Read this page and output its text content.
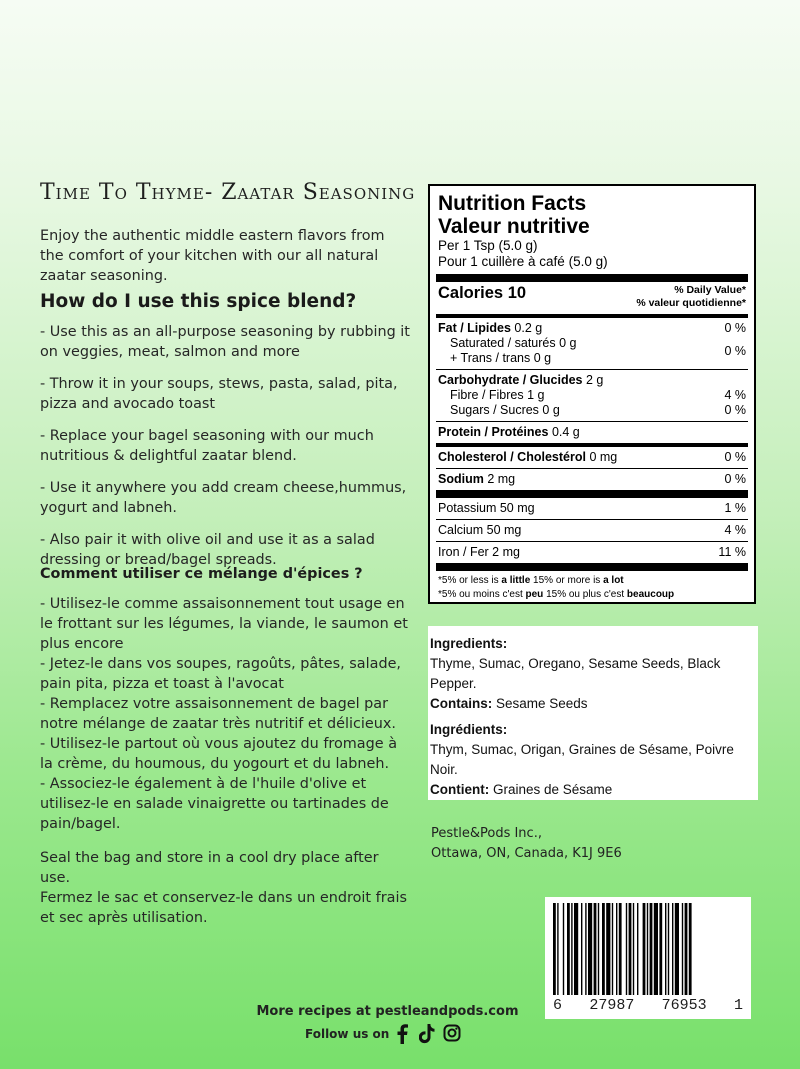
Time To Thyme- Zaatar Seasoning
Enjoy the authentic middle eastern flavors from the comfort of your kitchen with our all natural zaatar seasoning.
How do I use this spice blend?
- Use this as an all-purpose seasoning by rubbing it on veggies, meat, salmon and more
- Throw it in your soups, stews, pasta, salad, pita, pizza and avocado toast
- Replace your bagel seasoning with our much nutritious & delightful zaatar blend.
- Use it anywhere you add cream cheese,hummus, yogurt and labneh.
- Also pair it with olive oil and use it as a salad dressing or bread/bagel spreads.
Comment utiliser ce mélange d'épices ?
- Utilisez-le comme assaisonnement tout usage en le frottant sur les légumes, la viande, le saumon et plus encore
- Jetez-le dans vos soupes, ragoûts, pâtes, salade, pain pita, pizza et toast à l'avocat
- Remplacez votre assaisonnement de bagel par notre mélange de zaatar très nutritif et délicieux.
- Utilisez-le partout où vous ajoutez du fromage à la crème, du houmous, du yogourt et du labneh.
- Associez-le également à de l'huile d'olive et utilisez-le en salade vinaigrette ou tartinades de pain/bagel.
Seal the bag and store in a cool dry place after use.
Fermez le sac et conservez-le dans un endroit frais et sec après utilisation.
Nutrition Facts
Valeur nutritive
Per 1 Tsp (5.0 g)
Pour 1 cuillère à café (5.0 g)
Calories 10	% Daily Value*
% valeur quotidienne*
Fat / Lipides 0.2 g	0 %
Saturated / saturés 0 g
+ Trans / trans 0 g
0 %
Carbohydrate / Glucides 2 g
Fibre / Fibres 1 g	4 %
Sugars / Sucres 0 g	0 %
Protein / Protéines 0.4 g
Cholesterol / Cholestérol 0 mg	0 %
Sodium 2 mg	0 %
Potassium 50 mg	1 %
Calcium 50 mg	4 %
Iron / Fer 2 mg	11 %
*5% or less is a little 15% or more is a lot
*5% ou moins c'est peu 15% ou plus c'est beaucoup
Ingredients:
Thyme, Sumac, Oregano, Sesame Seeds, Black Pepper.
Contains: Sesame Seeds
Ingrédients:
Thym, Sumac, Origan, Graines de Sésame, Poivre Noir.
Contient: Graines de Sésame
Pestle&Pods Inc.,
Ottawa, ON, Canada, K1J 9E6
6 27987 76953 1
More recipes at pestleandpods.com
Follow us on
